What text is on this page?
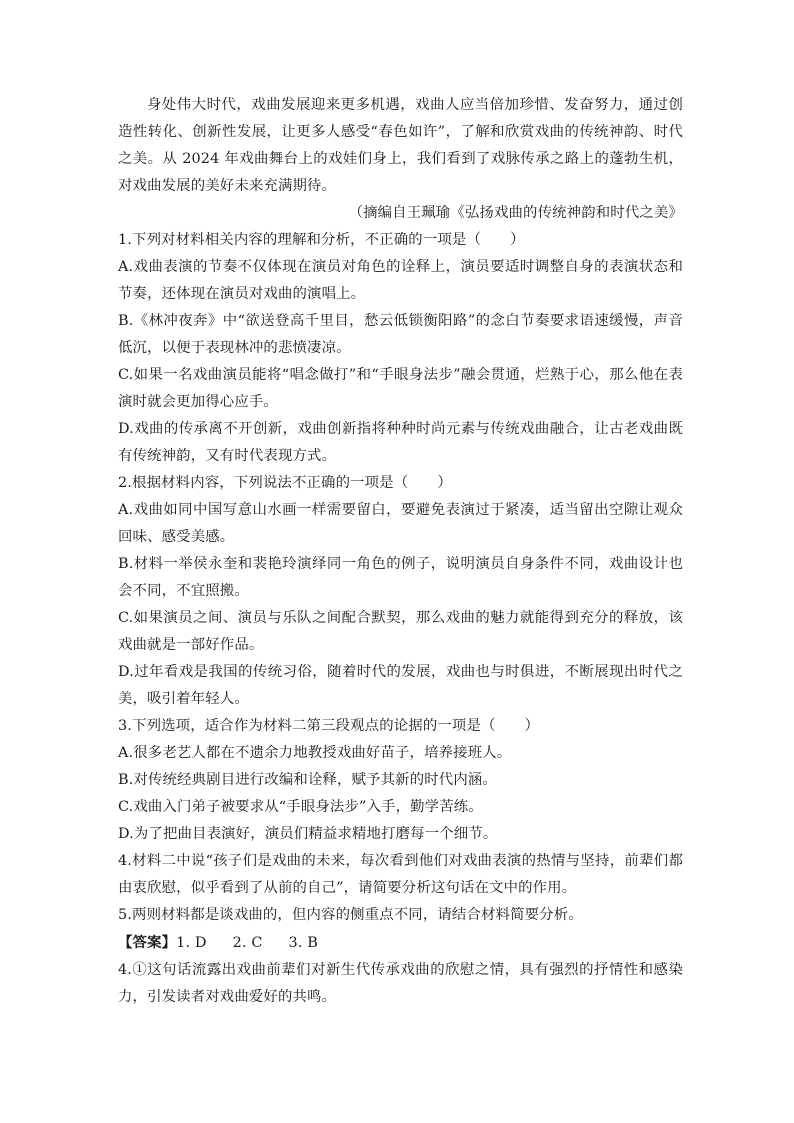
身处伟大时代，戏曲发展迎来更多机遇，戏曲人应当倍加珍惜、发奋努力，通过创造性转化、创新性发展，让更多人感受“春色如许”，了解和欣赏戏曲的传统神韵、时代之美。从 2024 年戏曲舞台上的戏娃们身上，我们看到了戏脉传承之路上的蓬勃生机，对戏曲发展的美好未来充满期待。

（摘编自王珮瑜《弘扬戏曲的传统神韵和时代之美》

1.下列对材料相关内容的理解和分析，不正确的一项是（　　）

A.戏曲表演的节奏不仅体现在演员对角色的诠释上，演员要适时调整自身的表演状态和节奏，还体现在演员对戏曲的演唱上。

B.《林冲夜奔》中“欲送登高千里目，愁云低锁衡阳路”的念白节奏要求语速缓慢，声音低沉，以便于表现林冲的悲愤凄凉。

C.如果一名戏曲演员能将“唱念做打”和“手眼身法步”融会贯通，烂熟于心，那么他在表演时就会更加得心应手。

D.戏曲的传承离不开创新，戏曲创新指将种种时尚元素与传统戏曲融合，让古老戏曲既有传统神韵，又有时代表现方式。

2.根据材料内容，下列说法不正确的一项是（　　）

A.戏曲如同中国写意山水画一样需要留白，要避免表演过于紧凑，适当留出空隙让观众回味、感受美感。

B.材料一举侯永奎和裴艳玲演绎同一角色的例子，说明演员自身条件不同，戏曲设计也会不同，不宜照搬。

C.如果演员之间、演员与乐队之间配合默契，那么戏曲的魅力就能得到充分的释放，该戏曲就是一部好作品。

D.过年看戏是我国的传统习俗，随着时代的发展，戏曲也与时俱进，不断展现出时代之美，吸引着年轻人。

3.下列选项，适合作为材料二第三段观点的论据的一项是（　　）

A.很多老艺人都在不遗余力地教授戏曲好苗子，培养接班人。

B.对传统经典剧目进行改编和诠释，赋予其新的时代内涵。

C.戏曲入门弟子被要求从“手眼身法步”入手，勤学苦练。

D.为了把曲目表演好，演员们精益求精地打磨每一个细节。

4.材料二中说“孩子们是戏曲的未来，每次看到他们对戏曲表演的热情与坚持，前辈们都由衷欣慰，似乎看到了从前的自己”，请简要分析这句话在文中的作用。

5.两则材料都是谈戏曲的，但内容的侧重点不同，请结合材料简要分析。

【答案】1. D 2. C 3. B

4.①这句话流露出戏曲前辈们对新生代传承戏曲的欣慰之情，具有强烈的抒情性和感染力，引发读者对戏曲爱好的共鸣。
